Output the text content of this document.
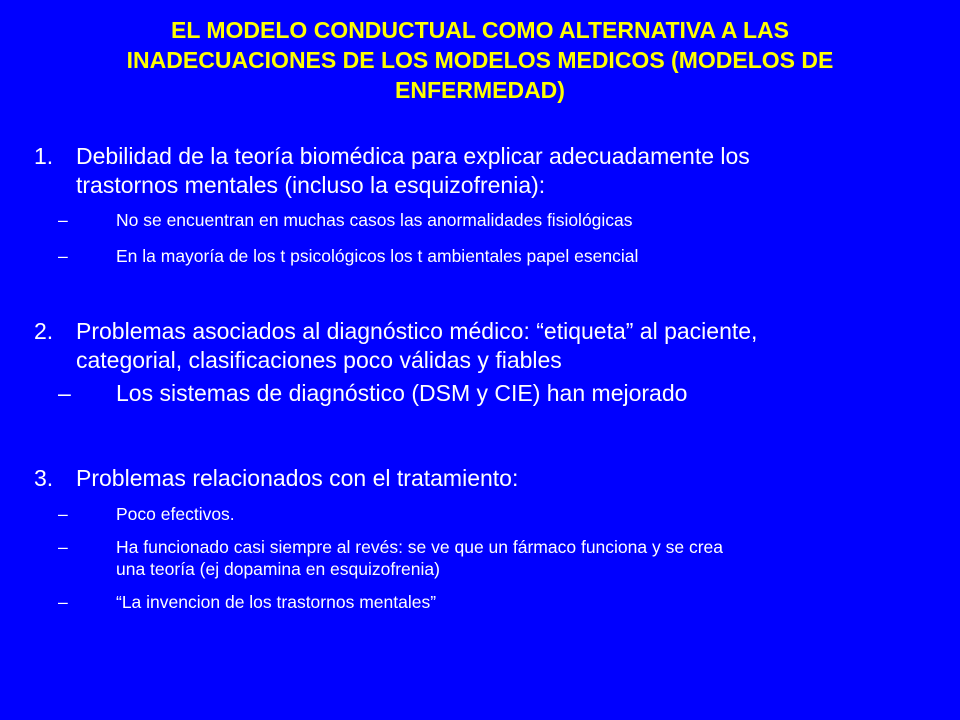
EL MODELO CONDUCTUAL COMO ALTERNATIVA A LAS
INADECUACIONES DE LOS MODELOS MEDICOS (MODELOS DE
ENFERMEDAD)
1. Debilidad de la teoría biomédica para explicar adecuadamente los
trastornos mentales (incluso la esquizofrenia):
–	No se encuentran en muchas casos las anormalidades fisiológicas
–	En la mayoría de los t psicológicos los t ambientales papel esencial
2. Problemas asociados al diagnóstico médico: “etiqueta” al paciente,
categorial, clasificaciones poco válidas y fiables
–	Los sistemas de diagnóstico (DSM y CIE) han mejorado
3. Problemas relacionados con el tratamiento:
–	Poco efectivos.
–	Ha funcionado casi siempre al revés: se ve que un fármaco funciona y se crea
una teoría (ej dopamina en esquizofrenia)
–	“La invencion de los trastornos mentales”
